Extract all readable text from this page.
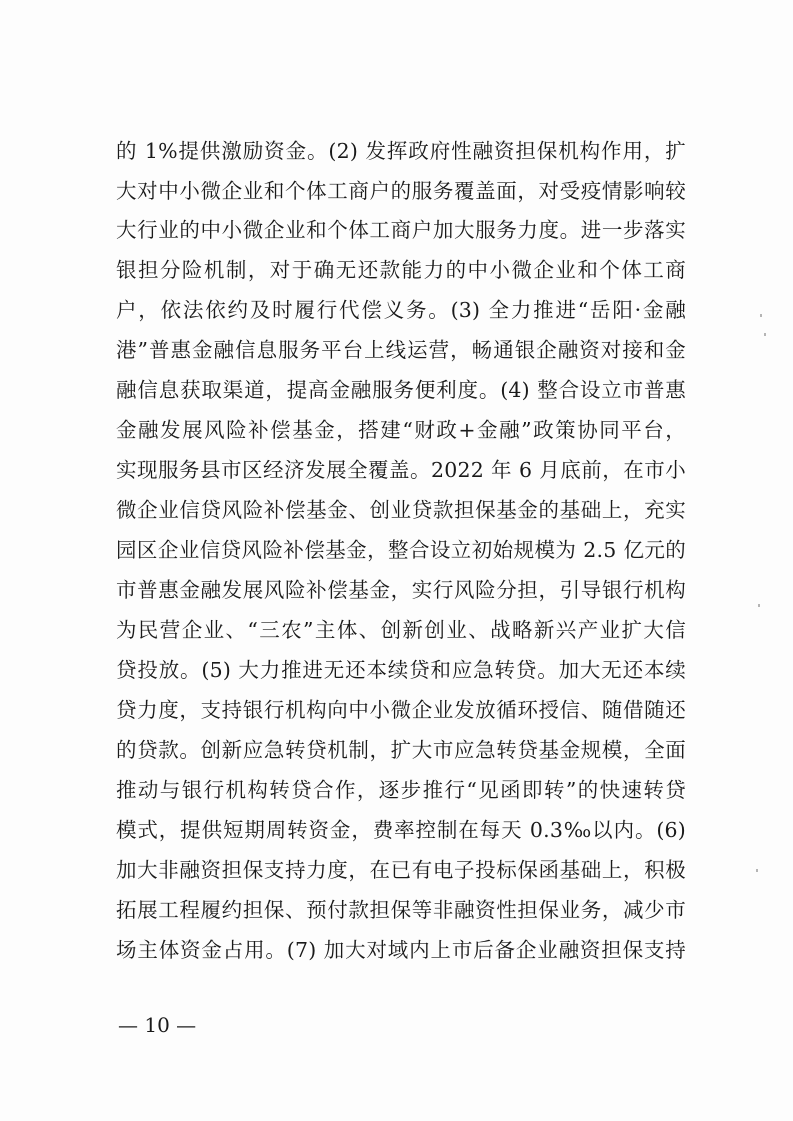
的 1%提供激励资金。(2) 发挥政府性融资担保机构作用，扩
大对中小微企业和个体工商户的服务覆盖面，对受疫情影响较
大行业的中小微企业和个体工商户加大服务力度。进一步落实
银担分险机制，对于确无还款能力的中小微企业和个体工商
户，依法依约及时履行代偿义务。(3) 全力推进“岳阳·金融
港”普惠金融信息服务平台上线运营，畅通银企融资对接和金
融信息获取渠道，提高金融服务便利度。(4) 整合设立市普惠
金融发展风险补偿基金，搭建“财政+金融”政策协同平台，
实现服务县市区经济发展全覆盖。2022 年 6 月底前，在市小
微企业信贷风险补偿基金、创业贷款担保基金的基础上，充实
园区企业信贷风险补偿基金，整合设立初始规模为 2.5 亿元的
市普惠金融发展风险补偿基金，实行风险分担，引导银行机构
为民营企业、“三农”主体、创新创业、战略新兴产业扩大信
贷投放。(5) 大力推进无还本续贷和应急转贷。加大无还本续
贷力度，支持银行机构向中小微企业发放循环授信、随借随还
的贷款。创新应急转贷机制，扩大市应急转贷基金规模，全面
推动与银行机构转贷合作，逐步推行“见函即转”的快速转贷
模式，提供短期周转资金，费率控制在每天 0.3‰以内。(6)
加大非融资担保支持力度，在已有电子投标保函基础上，积极
拓展工程履约担保、预付款担保等非融资性担保业务，减少市
场主体资金占用。(7) 加大对域内上市后备企业融资担保支持
— 10 —
